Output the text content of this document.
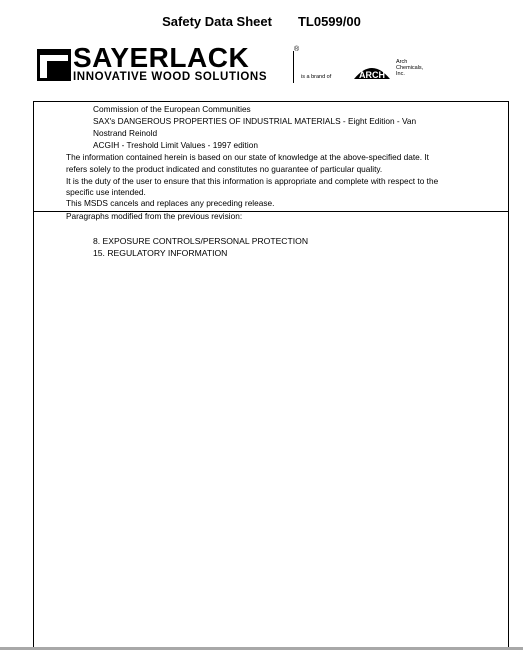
Safety Data Sheet TL0599/00
SAYERLACK	®
INNOVATIVE WOOD SOLUTIONS	is a brand of	ARCH
Arch
Chemicals,
Inc.
Commission of the European Communities
SAX's DANGEROUS PROPERTIES OF INDUSTRIAL MATERIALS - Eight Edition - Van
Nostrand Reinold
ACGIH - Treshold Limit Values - 1997 edition
The information contained herein is based on our state of knowledge at the above-specified date. It
refers solely to the product indicated and constitutes no guarantee of particular quality.
It is the duty of the user to ensure that this information is appropriate and complete with respect to the
specific use intended.
This MSDS cancels and replaces any preceding release.
Paragraphs modified from the previous revision:
8. EXPOSURE CONTROLS/PERSONAL PROTECTION
15. REGULATORY INFORMATION
